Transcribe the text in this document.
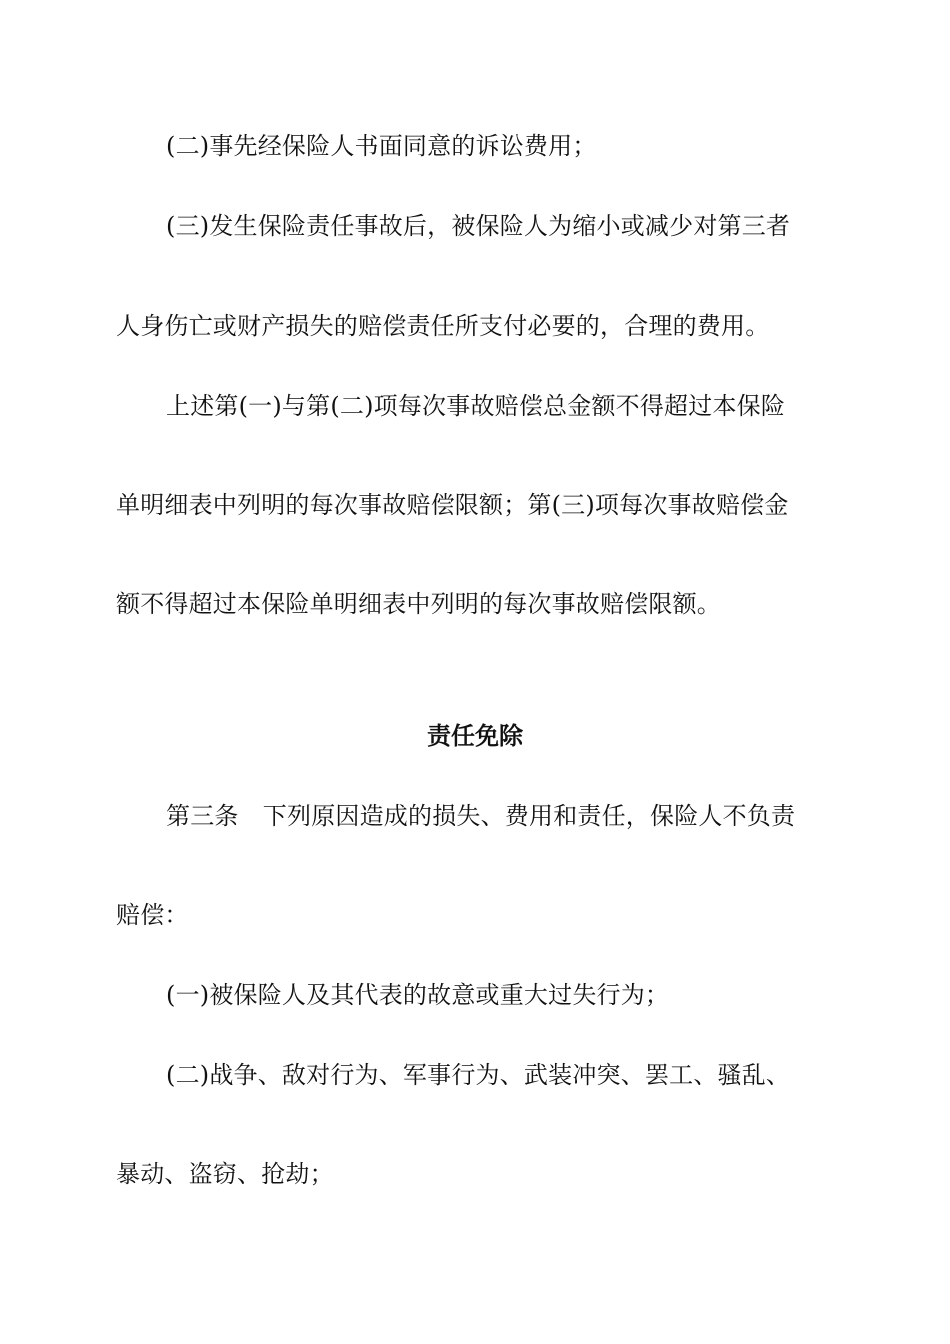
(二)事先经保险人书面同意的诉讼费用；
(三)发生保险责任事故后，被保险人为缩小或减少对第三者
人身伤亡或财产损失的赔偿责任所支付必要的，合理的费用。
上述第(一)与第(二)项每次事故赔偿总金额不得超过本保险
单明细表中列明的每次事故赔偿限额；第(三)项每次事故赔偿金
额不得超过本保险单明细表中列明的每次事故赔偿限额。
责任免除
第三条　下列原因造成的损失、费用和责任，保险人不负责
赔偿：
(一)被保险人及其代表的故意或重大过失行为；
(二)战争、敌对行为、军事行为、武装冲突、罢工、骚乱、
暴动、盗窃、抢劫；
